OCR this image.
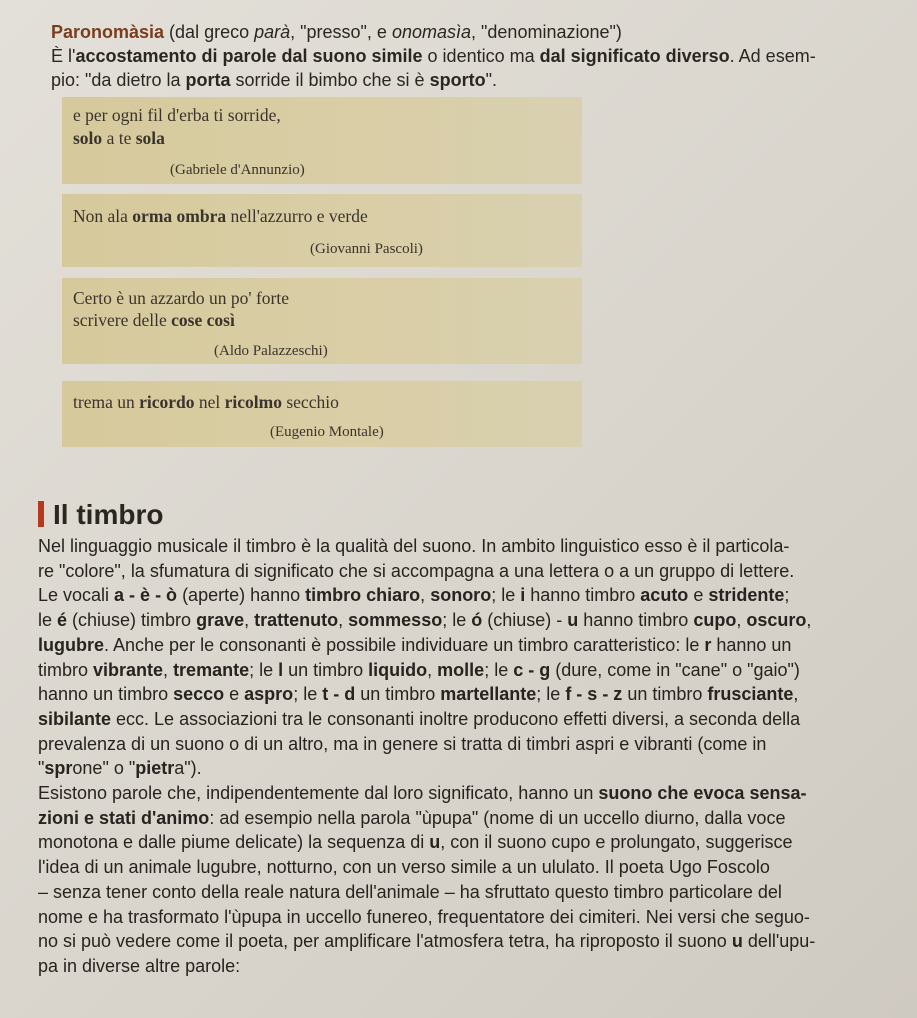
Paronomàsia (dal greco parà, "presso", e onomasìa, "denominazione")
È l'accostamento di parole dal suono simile o identico ma dal significato diverso. Ad esem-
pio: "da dietro la porta sorride il bimbo che si è sporto".
e per ogni fil d'erba ti sorride,
solo a te sola
(Gabriele d'Annunzio)
Non ala orma ombra nell'azzurro e verde
(Giovanni Pascoli)
Certo è un azzardo un po' forte
scrivere delle cose così
(Aldo Palazzeschi)
trema un ricordo nel ricolmo secchio
(Eugenio Montale)
Il timbro
Nel linguaggio musicale il timbro è la qualità del suono. In ambito linguistico esso è il particola-
re "colore", la sfumatura di significato che si accompagna a una lettera o a un gruppo di lettere.
Le vocali a - è - ò (aperte) hanno timbro chiaro, sonoro; le i hanno timbro acuto e stridente;
le é (chiuse) timbro grave, trattenuto, sommesso; le ó (chiuse) - u hanno timbro cupo, oscuro,
lugubre. Anche per le consonanti è possibile individuare un timbro caratteristico: le r hanno un
timbro vibrante, tremante; le l un timbro liquido, molle; le c - g (dure, come in "cane" o "gaio")
hanno un timbro secco e aspro; le t - d un timbro martellante; le f - s - z un timbro frusciante,
sibilante ecc. Le associazioni tra le consonanti inoltre producono effetti diversi, a seconda della
prevalenza di un suono o di un altro, ma in genere si tratta di timbri aspri e vibranti (come in
"sprone" o "pietra").
Esistono parole che, indipendentemente dal loro significato, hanno un suono che evoca sensa-
zioni e stati d'animo: ad esempio nella parola "ùpupa" (nome di un uccello diurno, dalla voce
monotona e dalle piume delicate) la sequenza di u, con il suono cupo e prolungato, suggerisce
l'idea di un animale lugubre, notturno, con un verso simile a un ululato. Il poeta Ugo Foscolo
– senza tener conto della reale natura dell'animale – ha sfruttato questo timbro particolare del
nome e ha trasformato l'ùpupa in uccello funereo, frequentatore dei cimiteri. Nei versi che seguo-
no si può vedere come il poeta, per amplificare l'atmosfera tetra, ha riproposto il suono u dell'upu-
pa in diverse altre parole:
